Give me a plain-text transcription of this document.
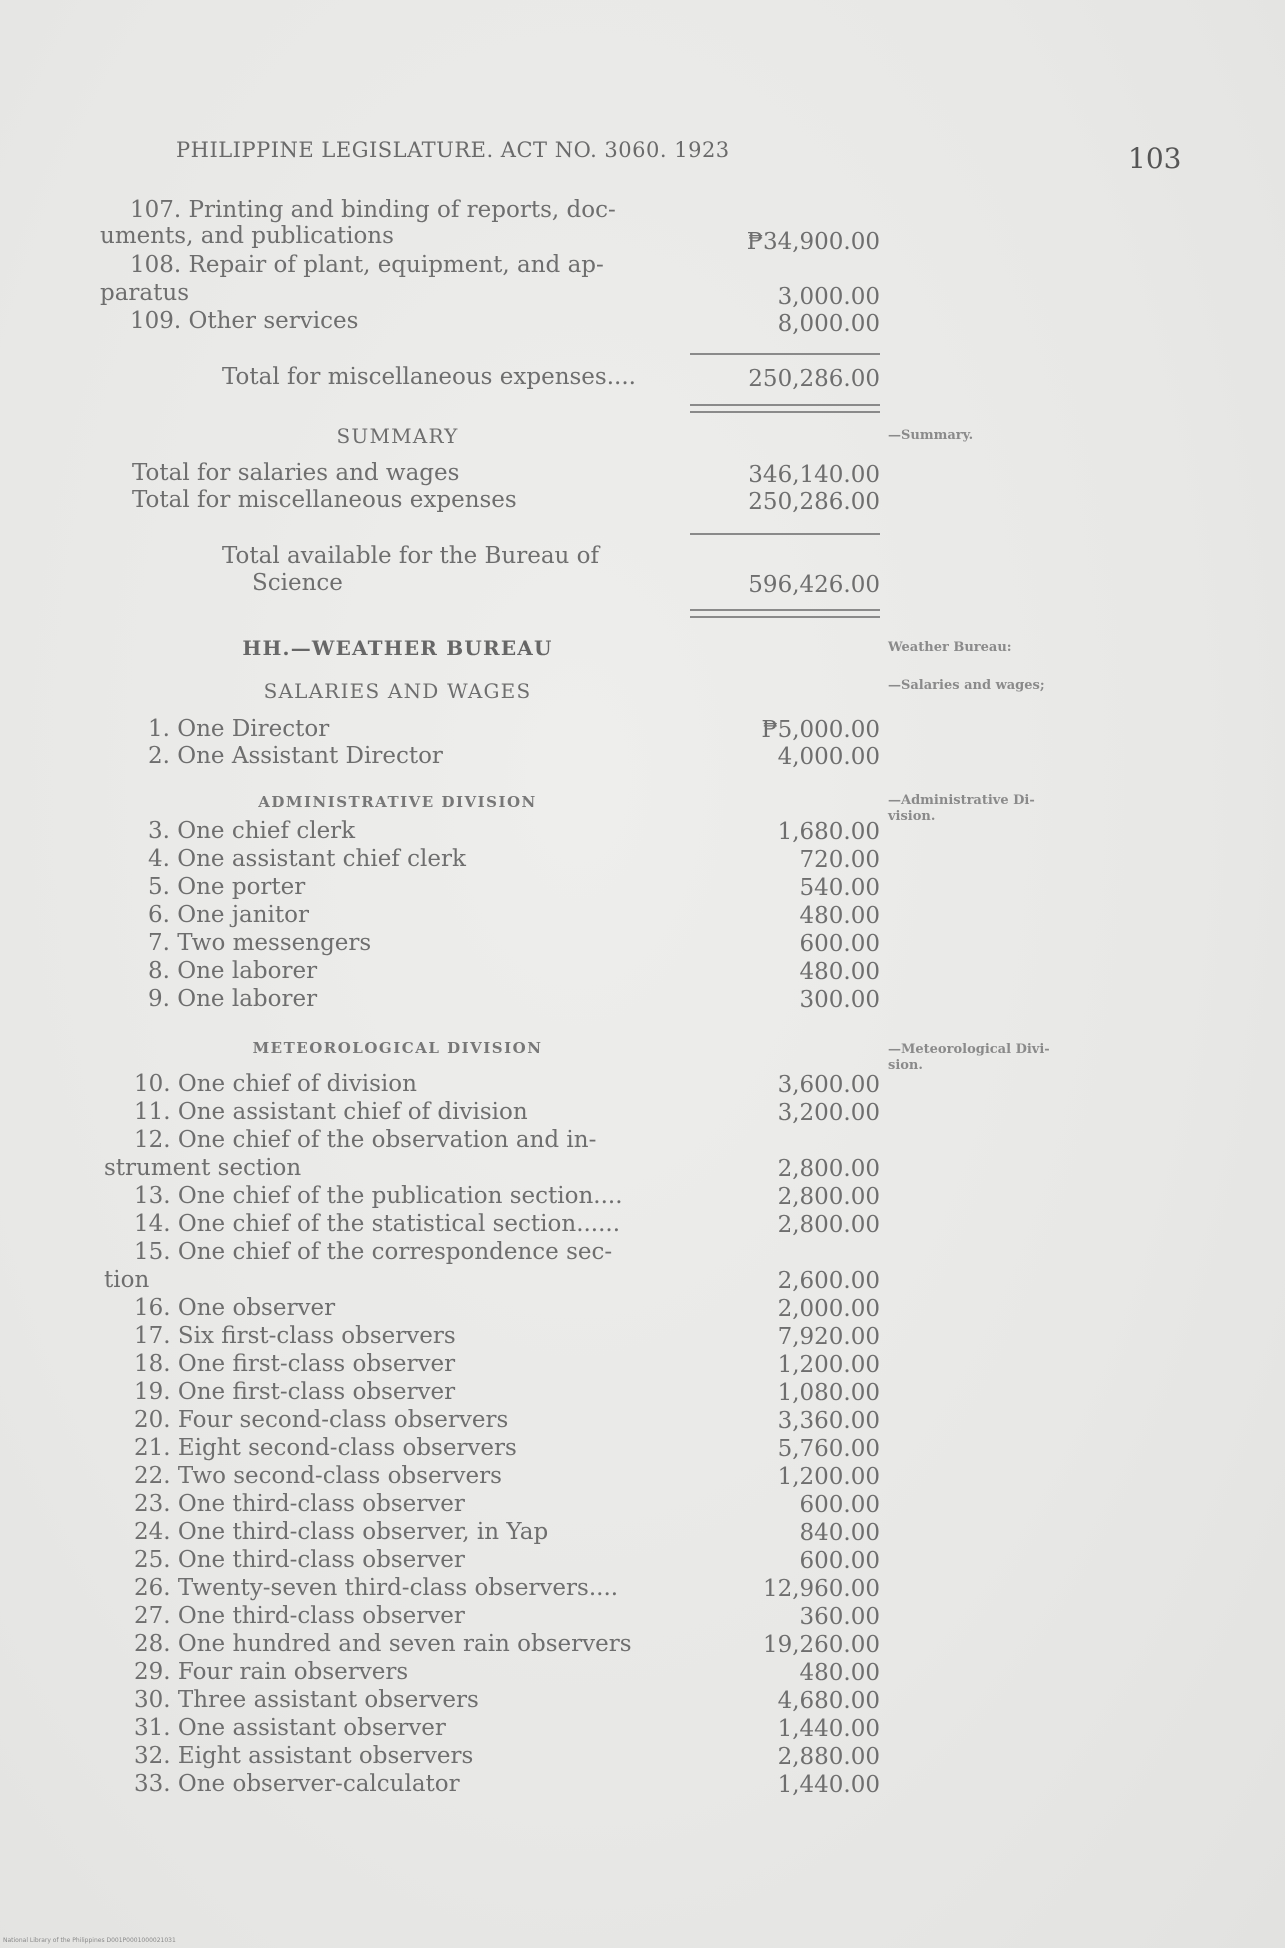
PHILIPPINE LEGISLATURE. ACT NO. 3060. 1923	103
107. Printing and binding of reports, doc-
uments, and publications	₱34,900.00
108. Repair of plant, equipment, and ap-
paratus	3,000.00
109. Other services	8,000.00
Total for miscellaneous expenses....	250,286.00
SUMMARY	—Summary.
Total for salaries and wages	346,140.00
Total for miscellaneous expenses	250,286.00
Total available for the Bureau of
Science	596,426.00
HH.—WEATHER BUREAU	Weather Bureau:
SALARIES AND WAGES	—Salaries and wages;
1. One Director	₱5,000.00
2. One Assistant Director	4,000.00
ADMINISTRATIVE DIVISION	—Administrative Di-
vision.
3. One chief clerk	1,680.00
4. One assistant chief clerk	720.00
5. One porter	540.00
6. One janitor	480.00
7. Two messengers	600.00
8. One laborer	480.00
9. One laborer	300.00
METEOROLOGICAL DIVISION	—Meteorological Divi-
sion.
10. One chief of division	3,600.00
11. One assistant chief of division	3,200.00
12. One chief of the observation and in-
strument section	2,800.00
13. One chief of the publication section....	2,800.00
14. One chief of the statistical section......	2,800.00
15. One chief of the correspondence sec-
tion	2,600.00
16. One observer	2,000.00
17. Six first-class observers	7,920.00
18. One first-class observer	1,200.00
19. One first-class observer	1,080.00
20. Four second-class observers	3,360.00
21. Eight second-class observers	5,760.00
22. Two second-class observers	1,200.00
23. One third-class observer	600.00
24. One third-class observer, in Yap	840.00
25. One third-class observer	600.00
26. Twenty-seven third-class observers....	12,960.00
27. One third-class observer	360.00
28. One hundred and seven rain observers	19,260.00
29. Four rain observers	480.00
30. Three assistant observers	4,680.00
31. One assistant observer	1,440.00
32. Eight assistant observers	2,880.00
33. One observer-calculator	1,440.00
National Library of the Philippines D001P0001000021031
